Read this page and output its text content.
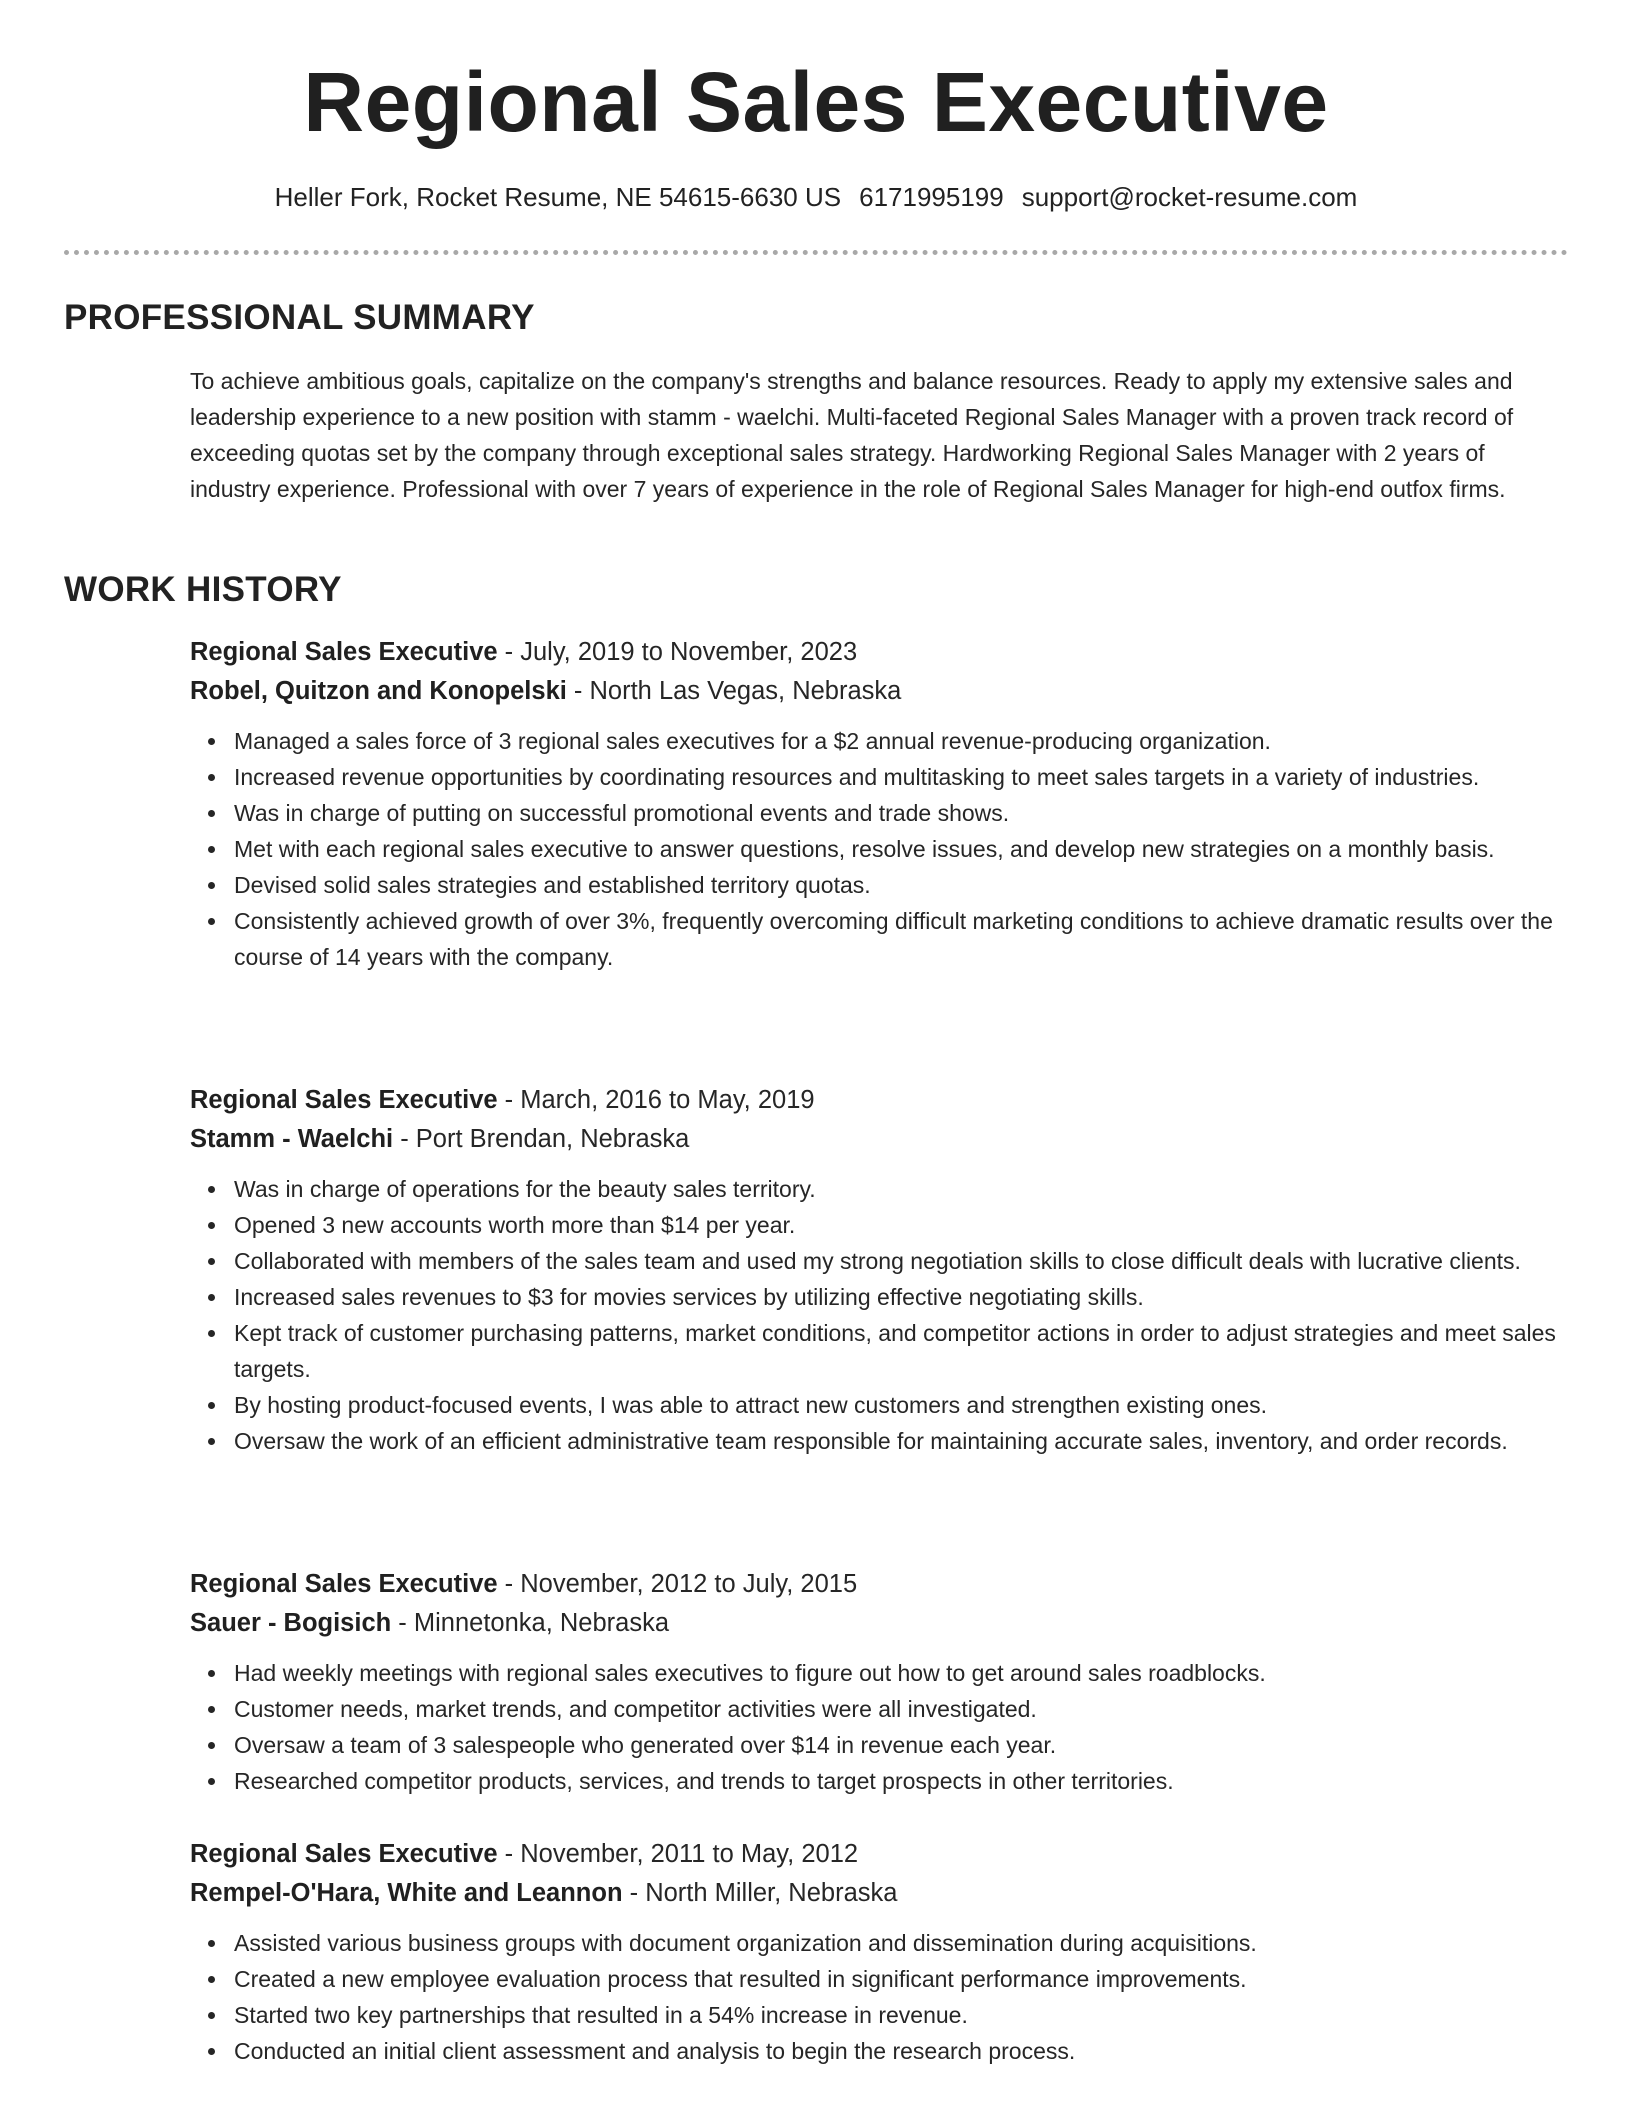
Regional Sales Executive
Heller Fork, Rocket Resume, NE 54615-6630 US 6171995199 support@rocket-resume.com
PROFESSIONAL SUMMARY
To achieve ambitious goals, capitalize on the company's strengths and balance resources. Ready to apply my extensive sales and leadership experience to a new position with stamm - waelchi. Multi-faceted Regional Sales Manager with a proven track record of exceeding quotas set by the company through exceptional sales strategy. Hardworking Regional Sales Manager with 2 years of industry experience. Professional with over 7 years of experience in the role of Regional Sales Manager for high-end outfox firms.
WORK HISTORY
Regional Sales Executive - July, 2019 to November, 2023
Robel, Quitzon and Konopelski - North Las Vegas, Nebraska
Managed a sales force of 3 regional sales executives for a $2 annual revenue-producing organization.
Increased revenue opportunities by coordinating resources and multitasking to meet sales targets in a variety of industries.
Was in charge of putting on successful promotional events and trade shows.
Met with each regional sales executive to answer questions, resolve issues, and develop new strategies on a monthly basis.
Devised solid sales strategies and established territory quotas.
Consistently achieved growth of over 3%, frequently overcoming difficult marketing conditions to achieve dramatic results over the course of 14 years with the company.
Regional Sales Executive - March, 2016 to May, 2019
Stamm - Waelchi - Port Brendan, Nebraska
Was in charge of operations for the beauty sales territory.
Opened 3 new accounts worth more than $14 per year.
Collaborated with members of the sales team and used my strong negotiation skills to close difficult deals with lucrative clients.
Increased sales revenues to $3 for movies services by utilizing effective negotiating skills.
Kept track of customer purchasing patterns, market conditions, and competitor actions in order to adjust strategies and meet sales targets.
By hosting product-focused events, I was able to attract new customers and strengthen existing ones.
Oversaw the work of an efficient administrative team responsible for maintaining accurate sales, inventory, and order records.
Regional Sales Executive - November, 2012 to July, 2015
Sauer - Bogisich - Minnetonka, Nebraska
Had weekly meetings with regional sales executives to figure out how to get around sales roadblocks.
Customer needs, market trends, and competitor activities were all investigated.
Oversaw a team of 3 salespeople who generated over $14 in revenue each year.
Researched competitor products, services, and trends to target prospects in other territories.
Regional Sales Executive - November, 2011 to May, 2012
Rempel-O'Hara, White and Leannon - North Miller, Nebraska
Assisted various business groups with document organization and dissemination during acquisitions.
Created a new employee evaluation process that resulted in significant performance improvements.
Started two key partnerships that resulted in a 54% increase in revenue.
Conducted an initial client assessment and analysis to begin the research process.
